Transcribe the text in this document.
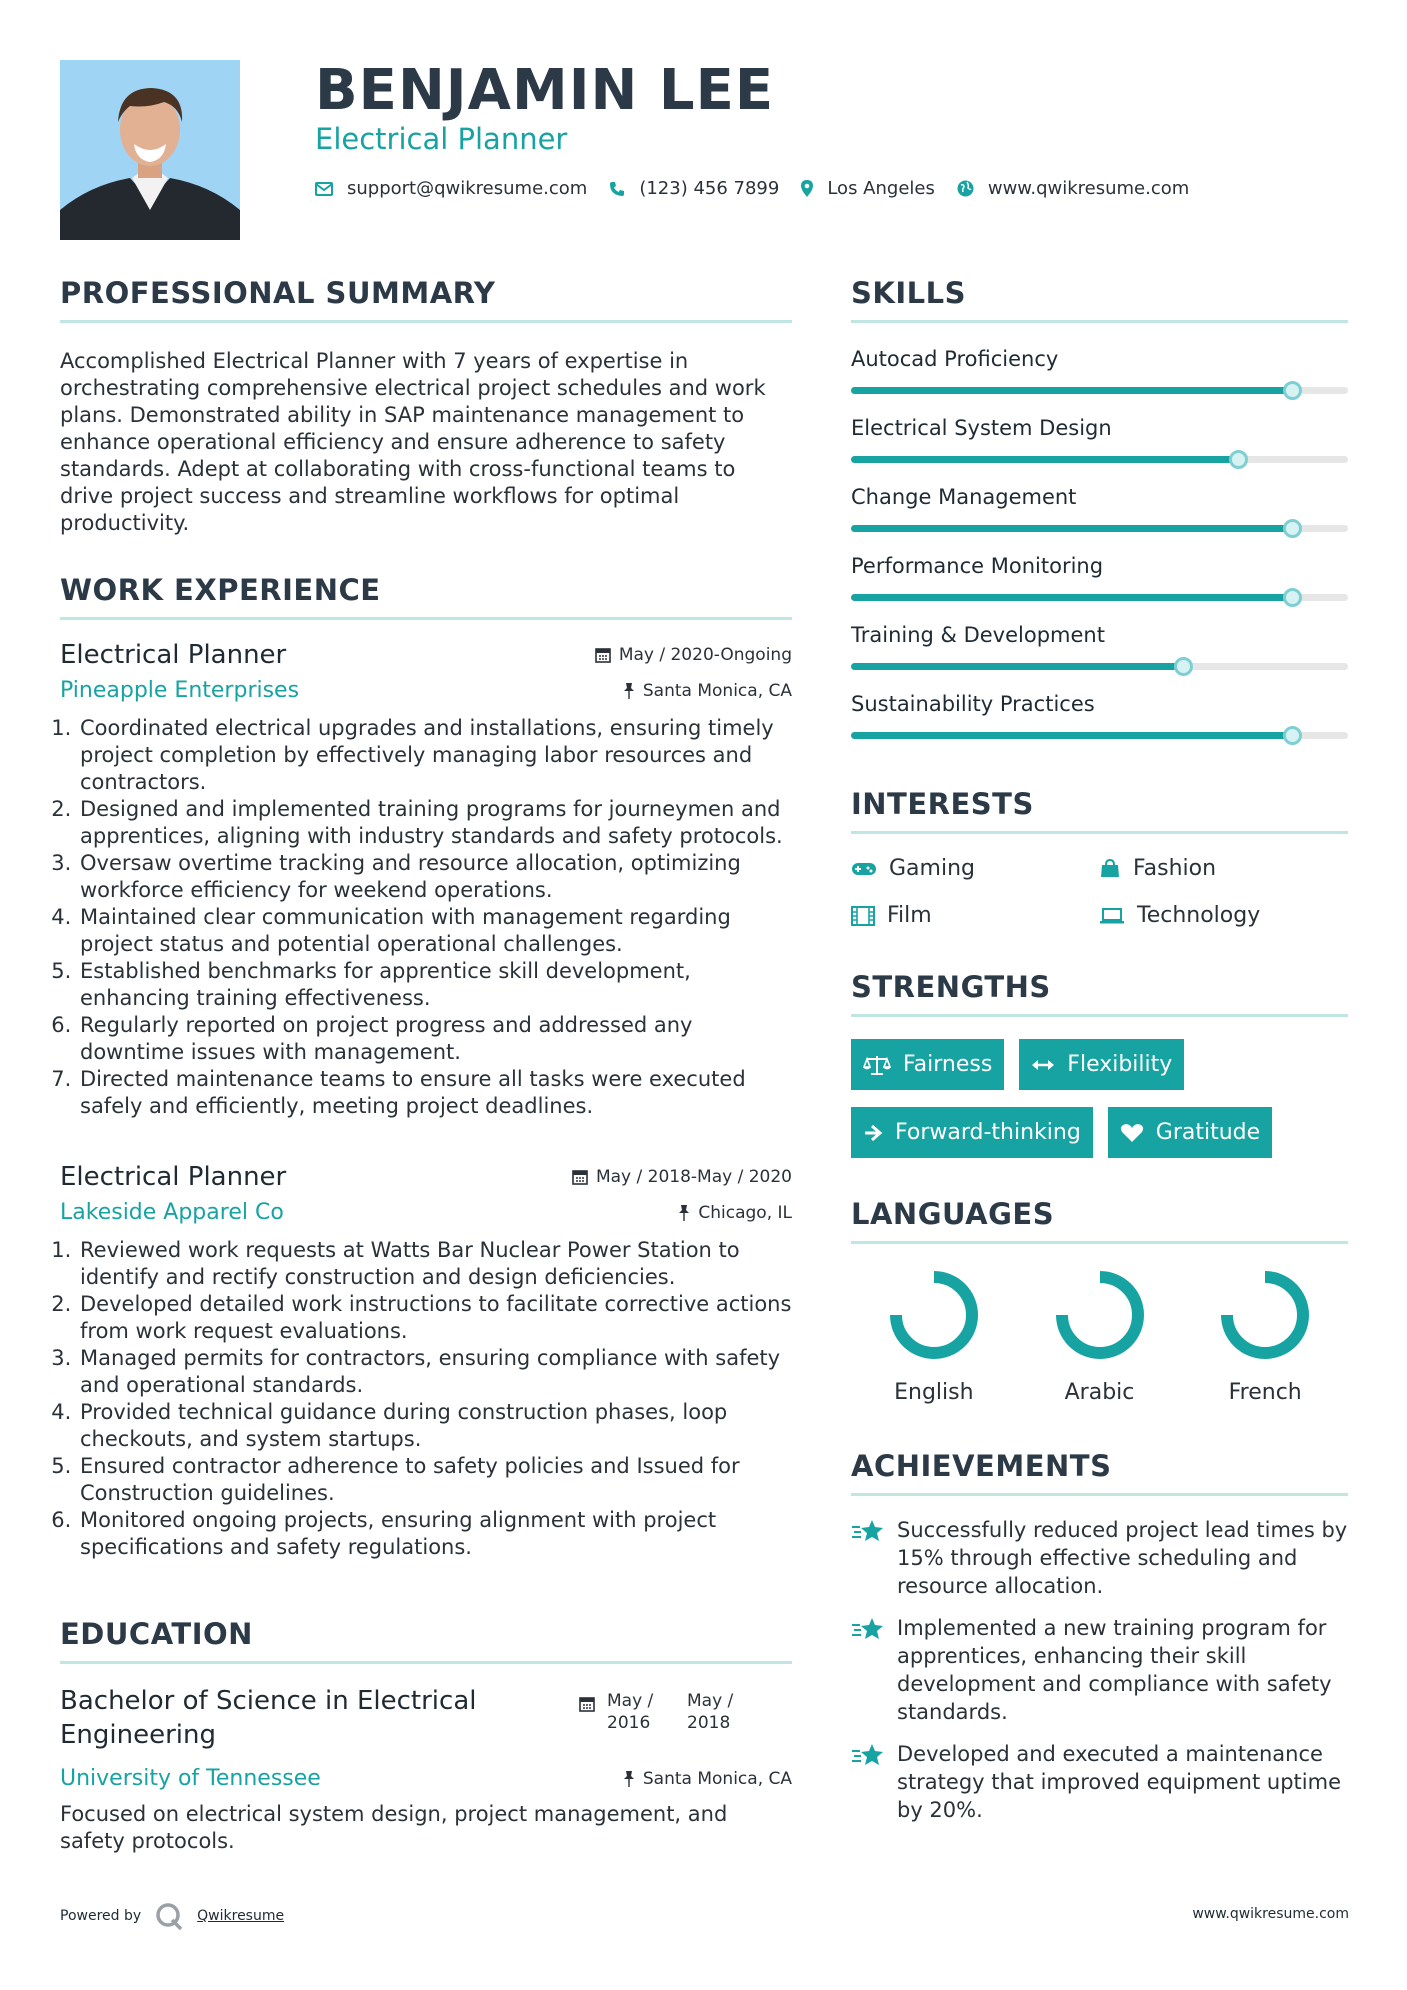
BENJAMIN LEE
Electrical Planner
support@qwikresume.com	(123) 456 7899	Los Angeles	www.qwikresume.com
PROFESSIONAL SUMMARY

Accomplished Electrical Planner with 7 years of expertise in orchestrating comprehensive electrical project schedules and work plans. Demonstrated ability in SAP maintenance management to enhance operational efficiency and ensure adherence to safety standards. Adept at collaborating with cross-functional teams to drive project success and streamline workflows for optimal productivity.

WORK EXPERIENCE
Electrical Planner	May / 2020-Ongoing
Pineapple Enterprises	Santa Monica, CA
1. Coordinated electrical upgrades and installations, ensuring timely project completion by effectively managing labor resources and contractors.
2. Designed and implemented training programs for journeymen and apprentices, aligning with industry standards and safety protocols.
3. Oversaw overtime tracking and resource allocation, optimizing workforce efficiency for weekend operations.
4. Maintained clear communication with management regarding project status and potential operational challenges.
5. Established benchmarks for apprentice skill development, enhancing training effectiveness.
6. Regularly reported on project progress and addressed any downtime issues with management.
7. Directed maintenance teams to ensure all tasks were executed safely and efficiently, meeting project deadlines.
Electrical Planner	May / 2018-May / 2020
Lakeside Apparel Co	Chicago, IL
1. Reviewed work requests at Watts Bar Nuclear Power Station to identify and rectify construction and design deficiencies.
2. Developed detailed work instructions to facilitate corrective actions from work request evaluations.
3. Managed permits for contractors, ensuring compliance with safety and operational standards.
4. Provided technical guidance during construction phases, loop checkouts, and system startups.
5. Ensured contractor adherence to safety policies and Issued for Construction guidelines.
6. Monitored ongoing projects, ensuring alignment with project specifications and safety regulations.
EDUCATION
Bachelor of Science in Electrical Engineering
May / 2016
May / 2018
University of Tennessee	Santa Monica, CA

Focused on electrical system design, project management, and safety protocols.

SKILLS
Autocad Proficiency
Electrical System Design
Change Management
Performance Monitoring
Training & Development
Sustainability Practices
INTERESTS
Gaming	Fashion
Film	Technology
STRENGTHS
Fairness	Flexibility
Forward-thinking	Gratitude
LANGUAGES
English	Arabic	French
ACHIEVEMENTS
Successfully reduced project lead times by 15% through effective scheduling and resource allocation.
Implemented a new training program for apprentices, enhancing their skill development and compliance with safety standards.
Developed and executed a maintenance strategy that improved equipment uptime by 20%.
Powered by	Qwikresume	www.qwikresume.com
